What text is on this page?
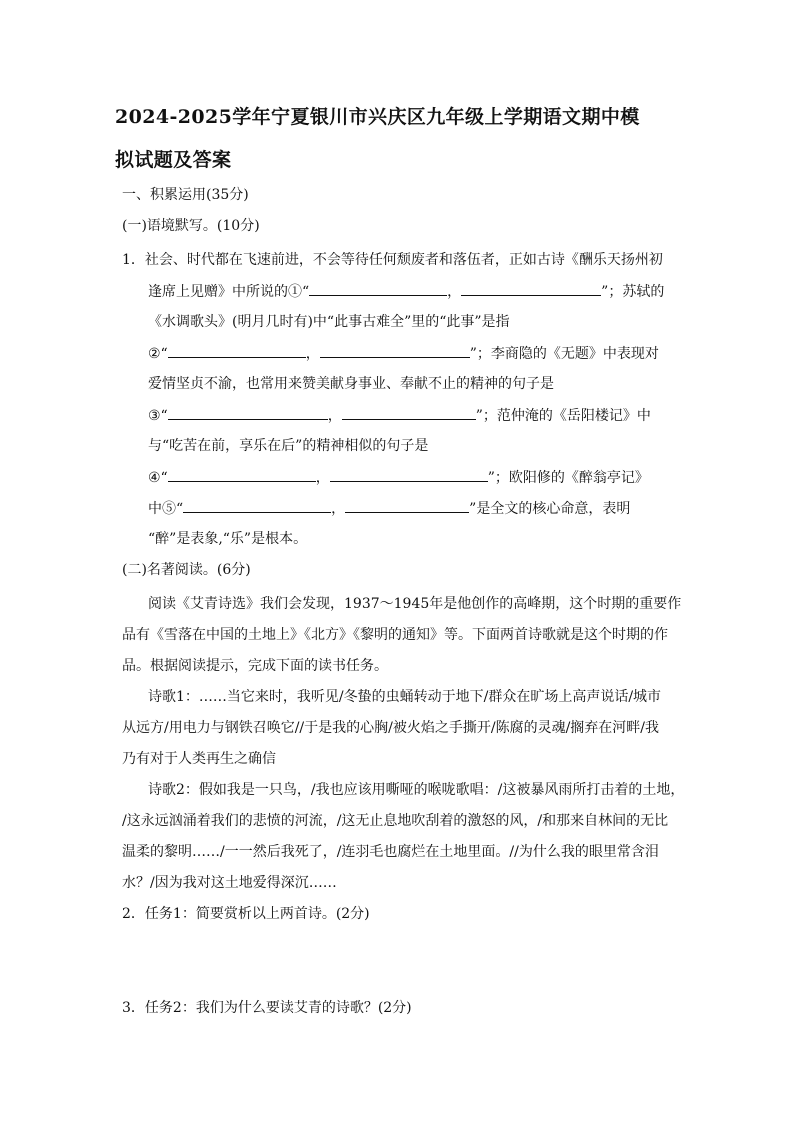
2024-2025学年宁夏银川市兴庆区九年级上学期语文期中模
拟试题及答案
一、积累运用(35分)
(一)语境默写。(10分)
1．社会、时代都在飞速前进，不会等待任何颓废者和落伍者，正如古诗《酬乐天扬州初
逢席上见赠》中所说的①“	，	”；苏轼的
《水调歌头》(明月几时有)中“此事古难全”里的“此事”是指
②“	，	”；李商隐的《无题》中表现对
爱情坚贞不渝，也常用来赞美献身事业、奉献不止的精神的句子是
③“	，	”；范仲淹的《岳阳楼记》中
与“吃苦在前，享乐在后”的精神相似的句子是
④“	，	”；欧阳修的《醉翁亭记》
中⑤“	，	”是全文的核心命意，表明
“醉”是表象,“乐”是根本。
(二)名著阅读。(6分)
阅读《艾青诗选》我们会发现，1937～1945年是他创作的高峰期，这个时期的重要作
品有《雪落在中国的土地上》《北方》《黎明的通知》等。下面两首诗歌就是这个时期的作
品。根据阅读提示，完成下面的读书任务。
诗歌1：……当它来时，我听见/冬蛰的虫蛹转动于地下/群众在旷场上高声说话/城市
从远方/用电力与钢铁召唤它//于是我的心胸/被火焰之手撕开/陈腐的灵魂/搁弃在河畔/我
乃有对于人类再生之确信
诗歌2：假如我是一只鸟，/我也应该用嘶哑的喉咙歌唱：/这被暴风雨所打击着的土地，
/这永远汹涌着我们的悲愤的河流，/这无止息地吹刮着的激怒的风，/和那来自林间的无比
温柔的黎明……/一一然后我死了，/连羽毛也腐烂在土地里面。//为什么我的眼里常含泪
水？/因为我对这土地爱得深沉……
2．任务1：简要赏析以上两首诗。(2分)
3．任务2：我们为什么要读艾青的诗歌？(2分)
